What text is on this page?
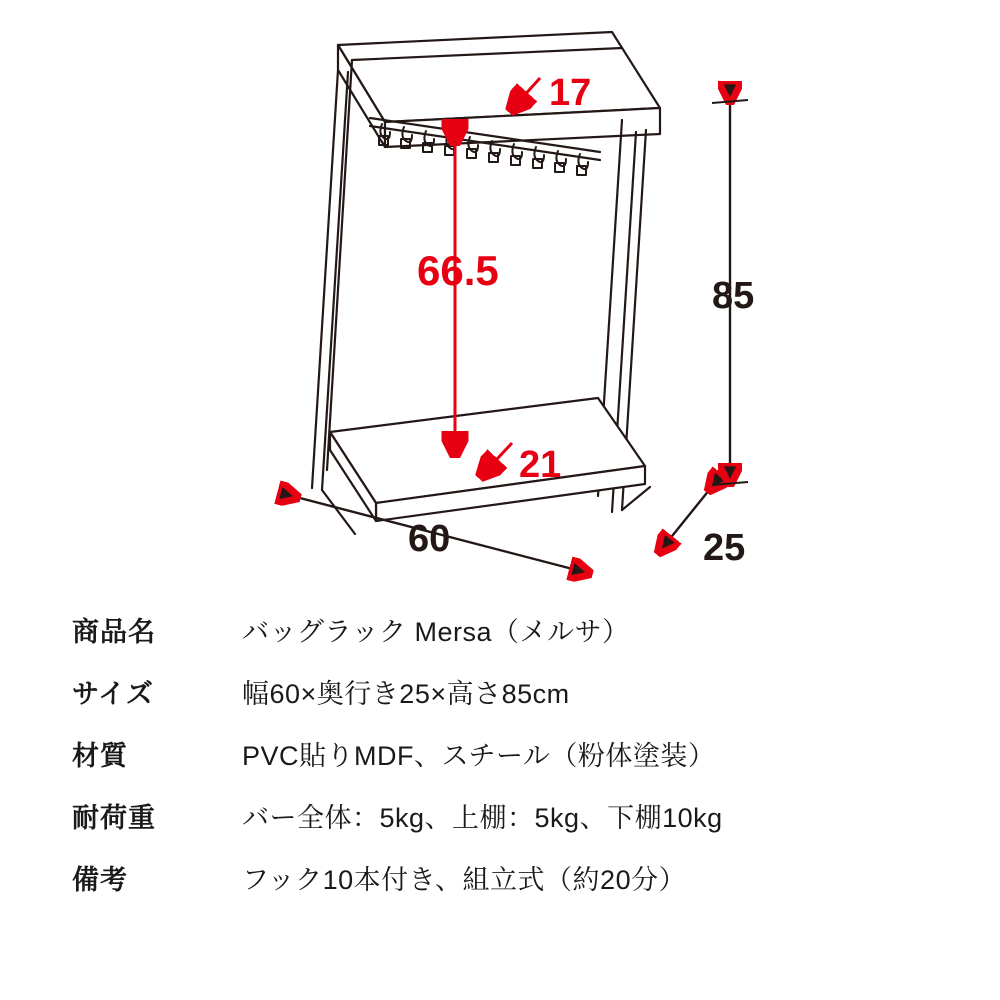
17
66.5
21
60	25
85
商品名	バッグラック Mersa（メルサ）
サイズ	幅60×奥行き25×高さ85cm
材質	PVC貼りMDF、スチール（粉体塗装）
耐荷重	バー全体：5kg、上棚：5kg、下棚10kg
備考	フック10本付き、組立式（約20分）
